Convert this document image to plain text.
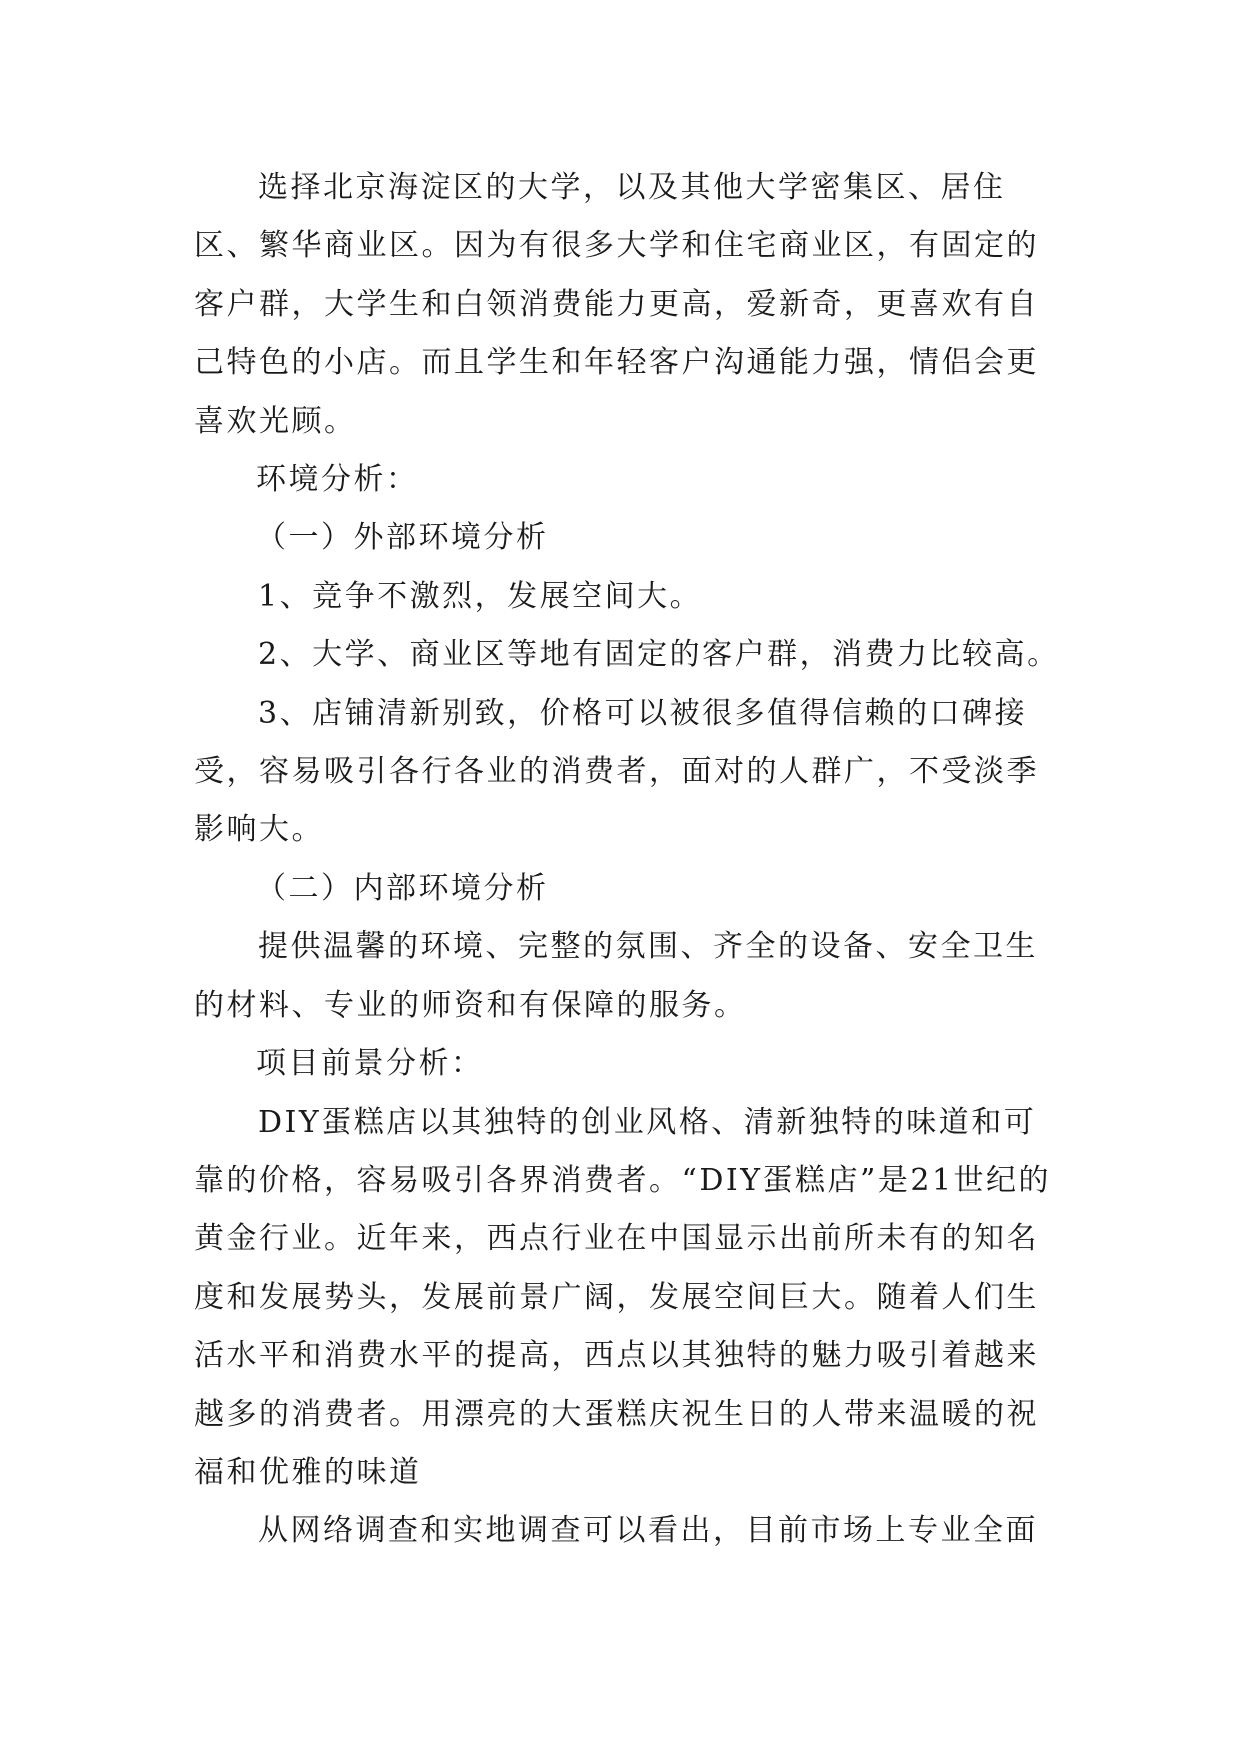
选择北京海淀区的大学，以及其他大学密集区、居住区、繁华商业区。因为有很多大学和住宅商业区，有固定的客户群，大学生和白领消费能力更高，爱新奇，更喜欢有自己特色的小店。而且学生和年轻客户沟通能力强，情侣会更喜欢光顾。

环境分析：

（一）外部环境分析

1、竞争不激烈，发展空间大。

2、大学、商业区等地有固定的客户群，消费力比较高。

3、店铺清新别致，价格可以被很多值得信赖的口碑接受，容易吸引各行各业的消费者，面对的人群广，不受淡季影响大。

（二）内部环境分析

提供温馨的环境、完整的氛围、齐全的设备、安全卫生的材料、专业的师资和有保障的服务。

项目前景分析：

DIY蛋糕店以其独特的创业风格、清新独特的味道和可靠的价格，容易吸引各界消费者。“DIY蛋糕店”是21世纪的黄金行业。近年来，西点行业在中国显示出前所未有的知名度和发展势头，发展前景广阔，发展空间巨大。随着人们生活水平和消费水平的提高，西点以其独特的魅力吸引着越来越多的消费者。用漂亮的大蛋糕庆祝生日的人带来温暖的祝福和优雅的味道

从网络调查和实地调查可以看出，目前市场上专业全面
